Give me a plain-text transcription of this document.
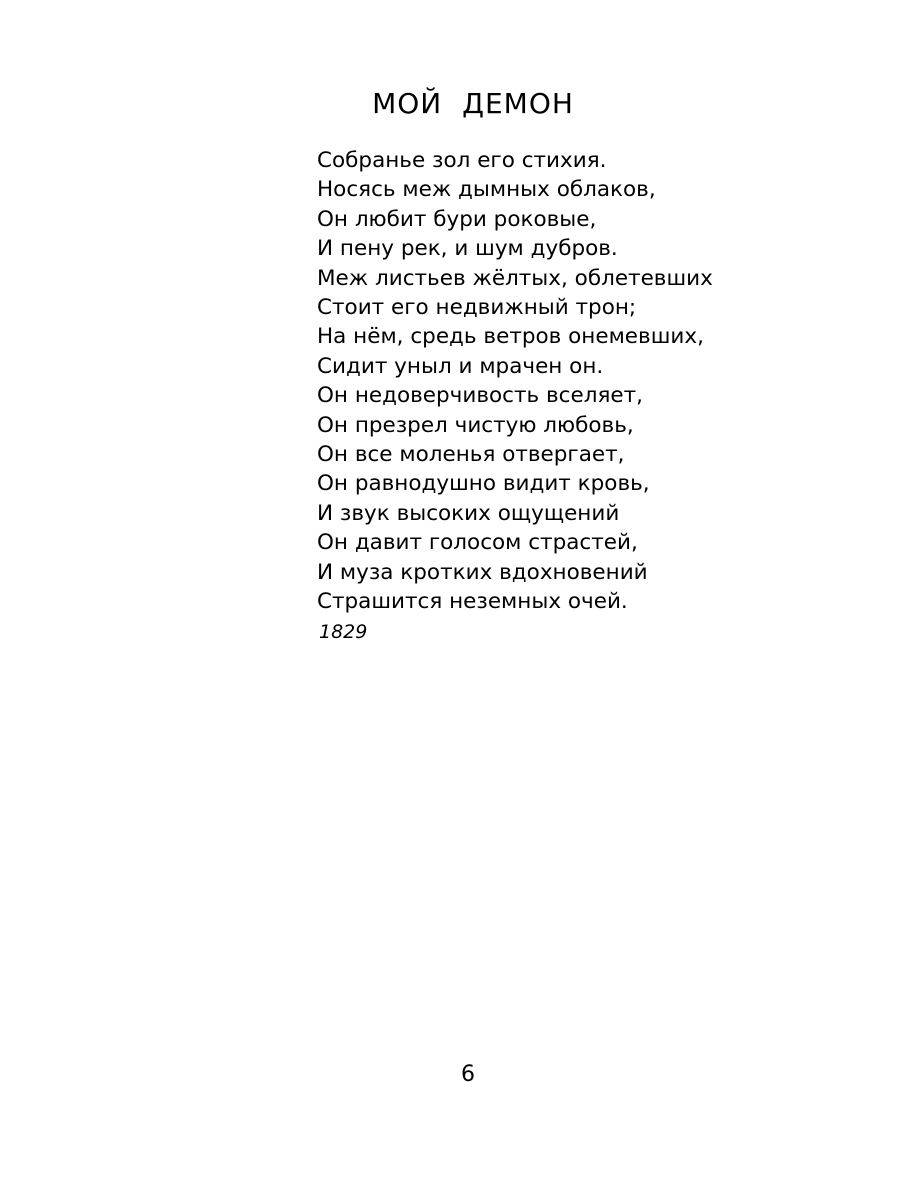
МОЙ ДЕМОН
Собранье зол его стихия.
Носясь меж дымных облаков,
Он любит бури роковые,
И пену рек, и шум дубров.
Меж листьев жёлтых, облетевших
Стоит его недвижный трон;
На нём, средь ветров онемевших,
Сидит уныл и мрачен он.
Он недоверчивость вселяет,
Он презрел чистую любовь,
Он все моленья отвергает,
Он равнодушно видит кровь,
И звук высоких ощущений
Он давит голосом страстей,
И муза кротких вдохновений
Страшится неземных очей.
1829
6
